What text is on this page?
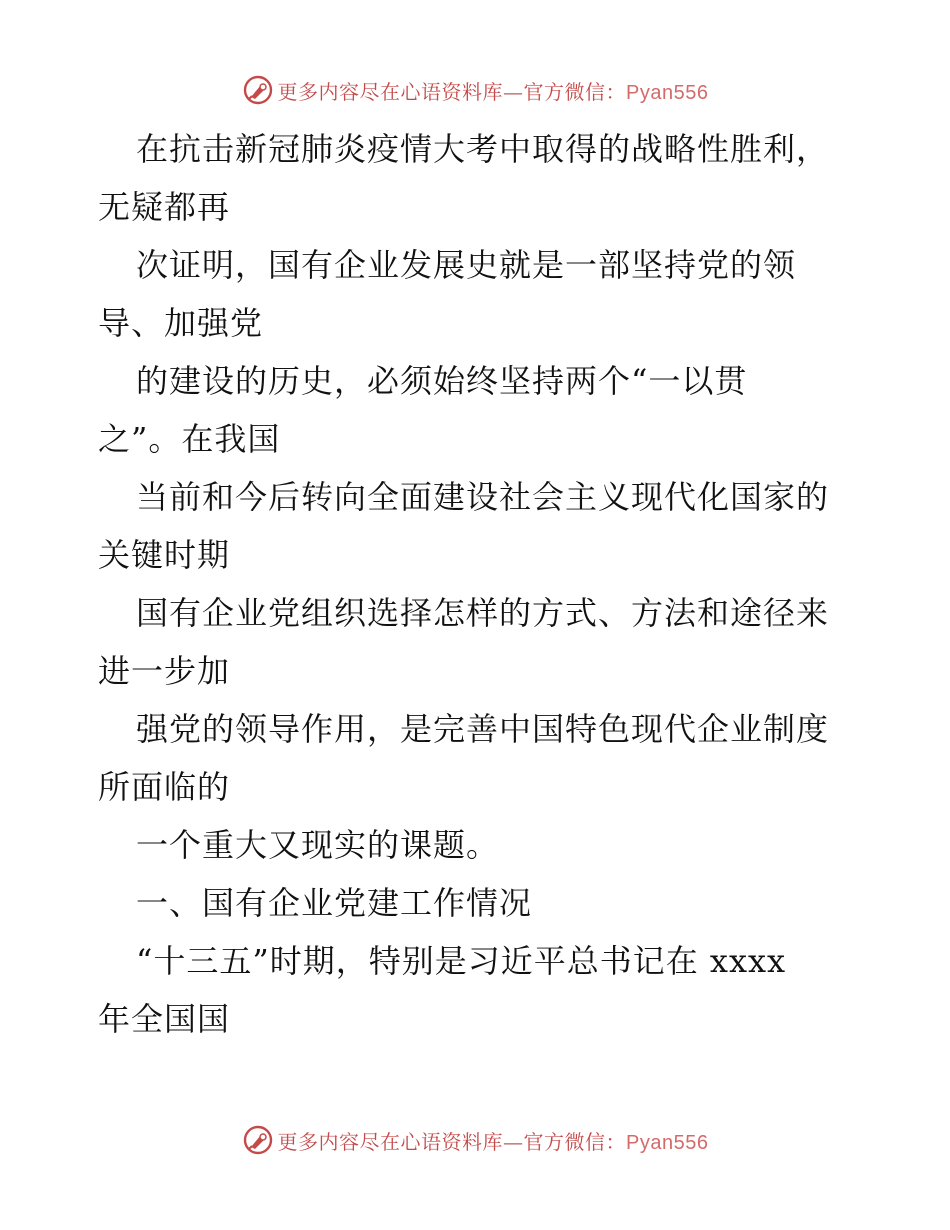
更多内容尽在心语资料库—官方微信：Pyan556
在抗击新冠肺炎疫情大考中取得的战略性胜利，
无疑都再
次证明，国有企业发展史就是一部坚持党的领
导、加强党
的建设的历史，必须始终坚持两个“一以贯
之”。在我国
当前和今后转向全面建设社会主义现代化国家的
关键时期
国有企业党组织选择怎样的方式、方法和途径来
进一步加
强党的领导作用，是完善中国特色现代企业制度
所面临的
一个重大又现实的课题。
一、国有企业党建工作情况
“十三五”时期，特别是习近平总书记在 xxxx
年全国国
更多内容尽在心语资料库—官方微信：Pyan556
